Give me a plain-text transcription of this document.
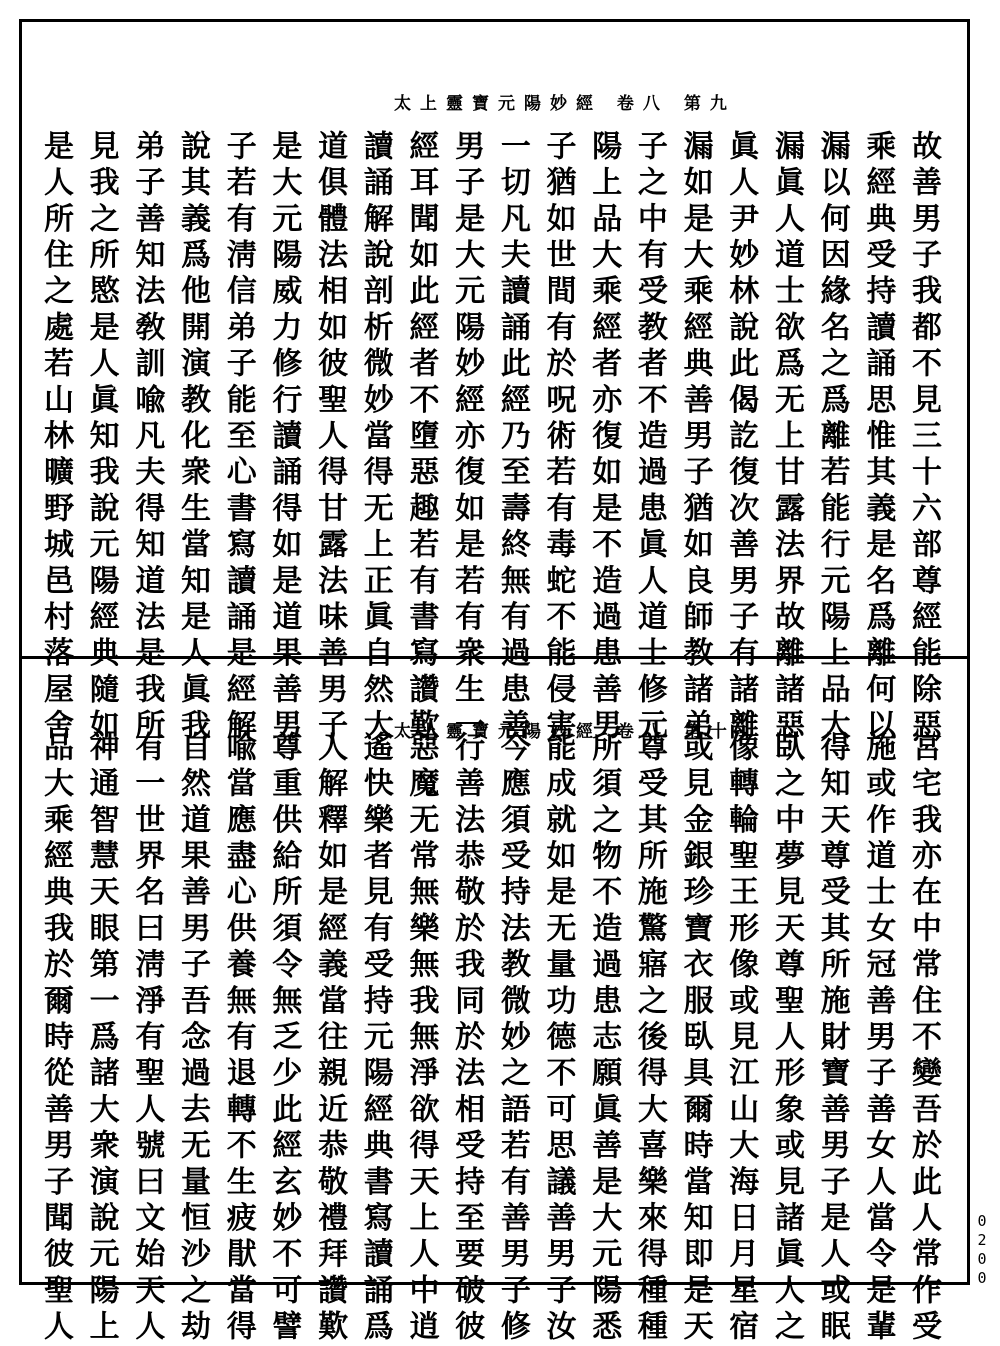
太上靈寶元陽妙經 卷八 第九
故善男子我都不見三十六部尊經能除惡
乘經典受持讀誦思惟其義是名爲離何以
漏以何因緣名之爲離若能行元陽上品大
漏眞人道士欲爲无上甘露法界故離諸惡
眞人尹妙林說此偈訖復次善男子有諸離
漏如是大乘經典善男子猶如良師教諸弟
子之中有受教者不造過患眞人道士修元
陽上品大乘經者亦復如是不造過患善男
子猶如世間有於呪術若有毒蛇不能侵害
一切凡夫讀誦此經乃至壽終無有過患善
男子是大元陽妙經亦復如是若有衆生一
經耳聞如此經者不墮惡趣若有書寫讚歎
讀誦解說剖析微妙當得无上正眞自然大
道俱體法相如彼聖人得甘露法味善男子
是大元陽威力修行讀誦得如是道果善男
子若有淸信弟子能至心書寫讀誦是經解
說其義爲他開演教化衆生當知是人眞我
弟子善知法敎訓喩凡夫得知道法是我所
見我之所愍是人眞知我說元陽經典隨如
是人所住之處若山林曠野城邑村落屋舍	太上靈寶元陽妙經 卷八 第十	宮宅我亦在中常住不變吾於此人常作受
施或作道士女冠善男子善女人當令是輩
得知天尊受其所施財寶善男子是人或眠
臥之中夢見天尊聖人形象或見諸眞人之
像轉輪聖王形像或見江山大海日月星宿
或見金銀珍寶衣服臥具爾時當知即是天
尊受其所施驚寤之後得大喜樂來得種種
所須之物不造過患志願眞善是大元陽悉
能成就如是无量功德不可思議善男子汝
今應須受持法教微妙之語若有善男子修
行善法恭敬於我同於法相受持至要破彼
惡魔无常無樂無我無淨欲得天上人中逍
遙快樂者見有受持元陽經典書寫讀誦爲
人解釋如是經義當往親近恭敬禮拜讚歎
尊重供給所須令無乏少此經玄妙不可譬
喩當應盡心供養無有退轉不生疲猒當得
自然道果善男子吾念過去无量恒沙之劫
有一世界名曰淸淨有聖人號曰文始天人
神通智慧天眼第一爲諸大衆演說元陽上
品大乘經典我於爾時從善男子聞彼聖人	0200
